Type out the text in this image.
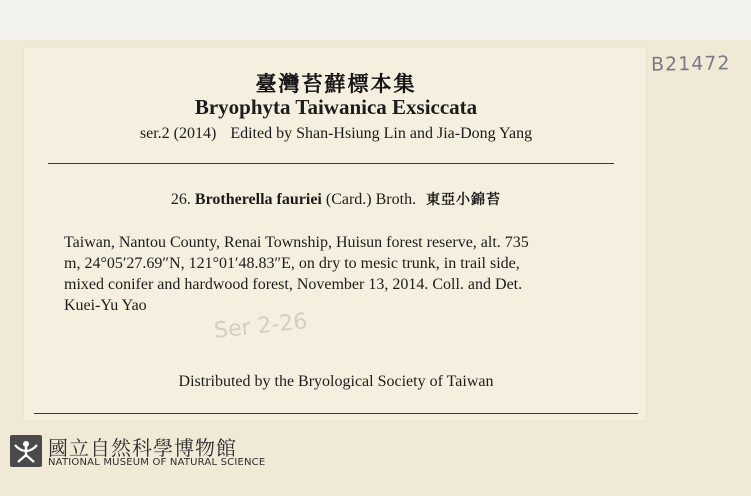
B21472
臺灣苔蘚標本集
Bryophyta Taiwanica Exsiccata
ser.2 (2014) Edited by Shan-Hsiung Lin and Jia-Dong Yang
26. Brotherella fauriei (Card.) Broth. 東亞小錦苔
Taiwan, Nantou County, Renai Township, Huisun forest reserve, alt. 735
m, 24°05′27.69″N, 121°01′48.83″E, on dry to mesic trunk, in trail side,
mixed conifer and hardwood forest, November 13, 2014. Coll. and Det.
Kuei-Yu Yao
Ser 2-26
Distributed by the Bryological Society of Taiwan
國立自然科學博物館
NATIONAL MUSEUM OF NATURAL SCIENCE
